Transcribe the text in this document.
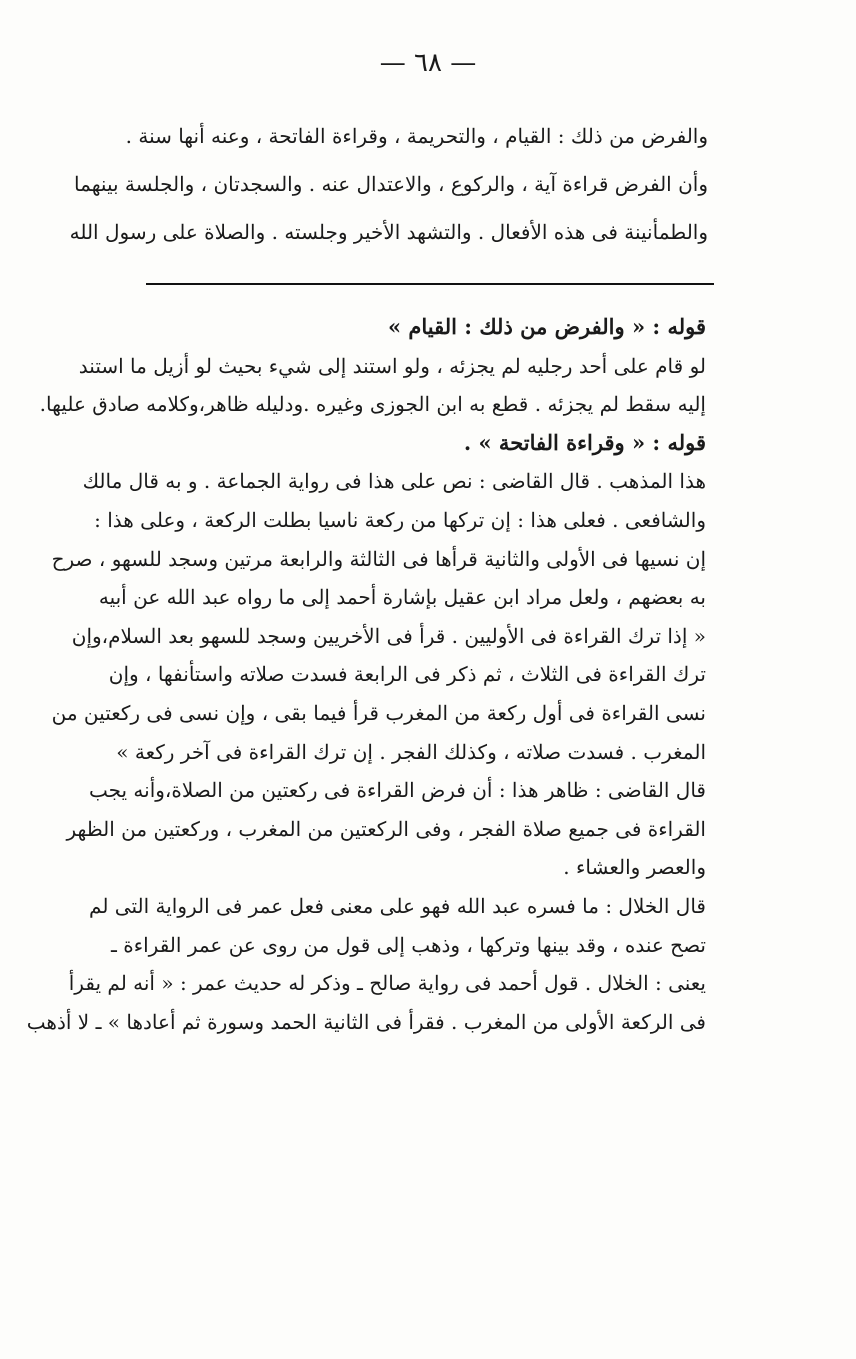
— ٦٨ —
والفرض من ذلك : القيام ، والتحريمة ، وقراءة الفاتحة ، وعنه أنها سنة .
وأن الفرض قراءة آية ، والركوع ، والاعتدال عنه . والسجدتان ، والجلسة بينهما
والطمأنينة فى هذه الأفعال . والتشهد الأخير وجلسته . والصلاة على رسول الله
قوله : « والفرض من ذلك : القيام »
لو قام على أحد رجليه لم يجزئه ، ولو استند إلى شيء بحيث لو أزيل ما استند
إليه سقط لم يجزئه . قطع به ابن الجوزى وغيره .ودليله ظاهر،وكلامه صادق عليها.
قوله : « وقراءة الفاتحة » .
هذا المذهب . قال القاضى : نص على هذا فى رواية الجماعة . و به قال مالك
والشافعى . فعلى هذا : إن تركها من ركعة ناسيا بطلت الركعة ، وعلى هذا :
إن نسيها فى الأولى والثانية قرأها فى الثالثة والرابعة مرتين وسجد للسهو ، صرح
به بعضهم ، ولعل مراد ابن عقيل بإشارة أحمد إلى ما رواه عبد الله عن أبيه
« إذا ترك القراءة فى الأوليين . قرأ فى الأخريين وسجد للسهو بعد السلام،وإن
ترك القراءة فى الثلاث ، ثم ذكر فى الرابعة فسدت صلاته واستأنفها ، وإن
نسى القراءة فى أول ركعة من المغرب قرأ فيما بقى ، وإن نسى فى ركعتين من
المغرب . فسدت صلاته ، وكذلك الفجر . إن ترك القراءة فى آخر ركعة »
قال القاضى : ظاهر هذا : أن فرض القراءة فى ركعتين من الصلاة،وأنه يجب
القراءة فى جميع صلاة الفجر ، وفى الركعتين من المغرب ، وركعتين من الظهر
والعصر والعشاء .
قال الخلال : ما فسره عبد الله فهو على معنى فعل عمر فى الرواية التى لم
تصح عنده ، وقد بينها وتركها ، وذهب إلى قول من روى عن عمر القراءة ـ
يعنى : الخلال . قول أحمد فى رواية صالح ـ وذكر له حديث عمر : « أنه لم يقرأ
فى الركعة الأولى من المغرب . فقرأ فى الثانية الحمد وسورة ثم أعادها » ـ لا أذهب
